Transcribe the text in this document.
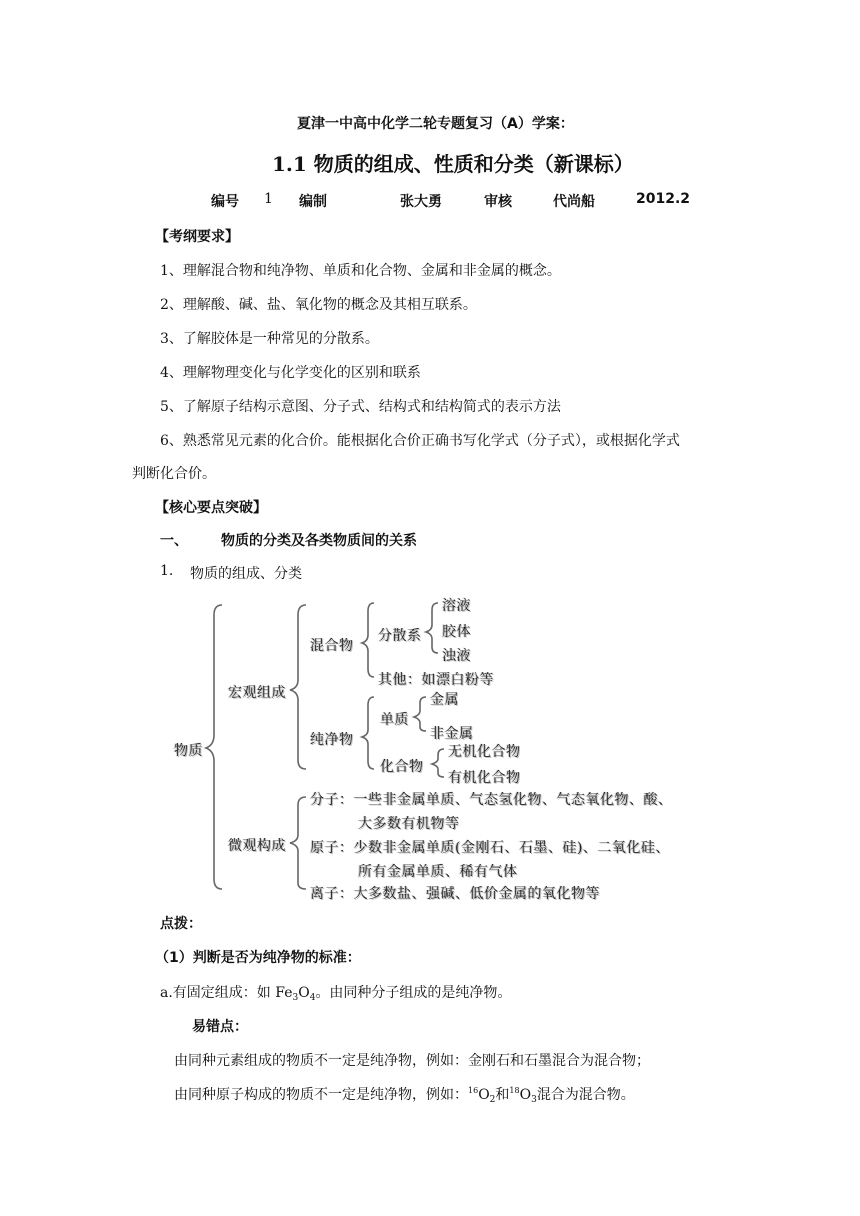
夏津一中高中化学二轮专题复习（A）学案：
1.1 物质的组成、性质和分类（新课标）
编号 1 编制	张大勇	审核	代尚船	2012.2
【考纲要求】
1、理解混合物和纯净物、单质和化合物、金属和非金属的概念。
2、理解酸、碱、盐、氧化物的概念及其相互联系。
3、了解胶体是一种常见的分散系。
4、理解物理变化与化学变化的区别和联系
5、了解原子结构示意图、分子式、结构式和结构简式的表示方法
6、熟悉常见元素的化合价。能根据化合价正确书写化学式（分子式），或根据化学式
判断化合价。
【核心要点突破】
一、 物质的分类及各类物质间的关系
1. 物质的组成、分类
物质
宏观组成
微观构成
混合物
纯净物
分散系
溶液
胶体
浊液
其他：如漂白粉等
单质
金属
非金属
化合物
无机化合物
有机化合物
分子：一些非金属单质、气态氢化物、气态氧化物、酸、
大多数有机物等
原子：少数非金属单质(金刚石、石墨、硅)、二氧化硅、
所有金属单质、稀有气体
离子：大多数盐、强碱、低价金属的氧化物等
点拨：
（1）判断是否为纯净物的标准：
a.有固定组成：如 $Fe_3O_4$。由同种分子组成的是纯净物。
易错点：
由同种元素组成的物质不一定是纯净物，例如：金刚石和石墨混合为混合物；
由同种原子构成的物质不一定是纯净物，例如：$^{16}O_2$和$^{18}O_3$混合为混合物。
